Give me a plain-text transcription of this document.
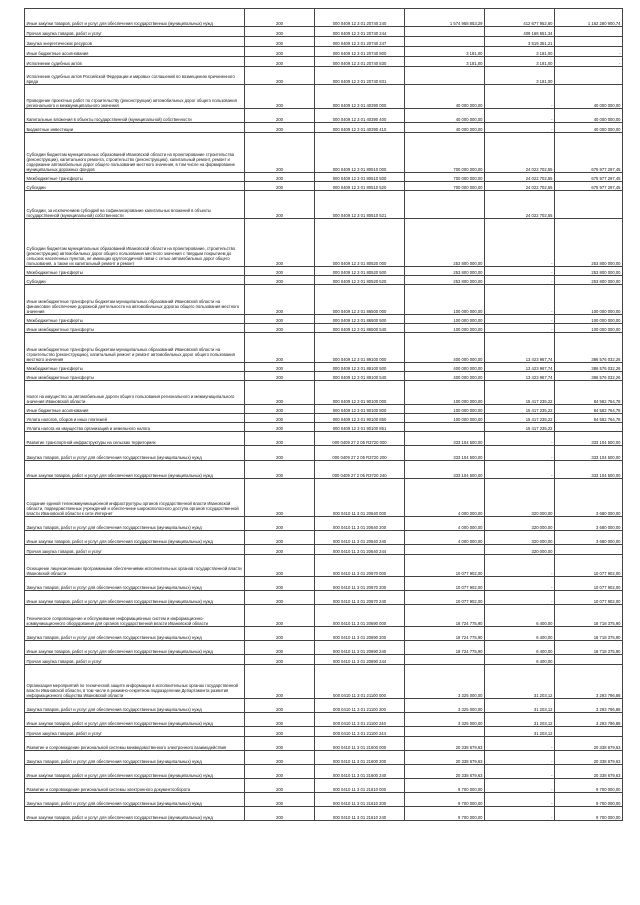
Иные закупки товаров, работ и услуг для обеспечения государственных (муниципальных) нужд	200	000 0409 12 3 01 20740 240	1 574 958 853,29	412 677 952,60	1 162 280 900,74
Прочая закупка товаров, работ и услуг	200	000 0409 12 3 01 20740 244		409 168 551,34	
Закупка энергетических ресурсов	200	000 0409 12 3 01 20740 247		3 519 351,21	
Иные бюджетные ассигнования	200	000 0409 12 3 01 20740 800	3 181,00	3 181,00	-
Исполнение судебных актов	200	000 0409 12 3 01 20740 830	3 181,00	3 181,00	-
Исполнение судебных актов Российской Федерации и мировых соглашений по возмещению причиненного вреда	200	000 0409 12 3 01 20740 831		3 181,00	
Проведение проектных работ по строительству (реконструкции) автомобильных дорог общего пользования регионального и межмуниципального значения	200	000 0409 12 3 01 40390 000	40 000 000,00	-	40 000 000,00
Капитальные вложения в объекты государственной (муниципальной) собственности	200	000 0409 12 3 01 40390 400	40 000 000,00	-	40 000 000,00
Бюджетные инвестиции	200	000 0409 12 3 01 40390 410	40 000 000,00	-	40 000 000,00
Субсидии бюджетам муниципальных образований Ивановской области на проектирование строительства (реконструкции), капитального ремонта, строительство (реконструкцию), капитальный ремонт, ремонт и содержание автомобильных дорог общего пользования местного значения, в том числе на формирование муниципальных дорожных фондов	200	000 0409 12 3 01 80510 000	700 000 000,00	24 022 702,55	675 977 297,45
Межбюджетные трансферты	200	000 0409 12 3 01 80510 500	700 000 000,00	24 022 702,55	675 977 297,45
Субсидии	200	000 0409 12 3 01 80510 520	700 000 000,00	24 022 702,55	675 977 297,45
Субсидии, за исключением субсидий на софинансирование капитальных вложений в объекты государственной (муниципальной) собственности	200	000 0409 12 3 01 80510 521		24 022 702,55	
Субсидии бюджетам муниципальных образований Ивановской области на проектирование, строительство (реконструкцию) автомобильных дорог общего пользования местного значения с твердым покрытием до сельских населенных пунктов, не имеющих круглогодичной связи с сетью автомобильных дорог общего пользования, а также их капитальный ремонт и ремонт	200	000 0409 12 3 01 80520 000	253 800 000,00	-	253 800 000,00
Межбюджетные трансферты	200	000 0409 12 3 01 80520 500	253 800 000,00	-	253 800 000,00
Субсидии	200	000 0409 12 3 01 80520 520	253 800 000,00	-	253 800 000,00
Иные межбюджетные трансферты бюджетам муниципальных образований Ивановской области на финансовое обеспечение дорожной деятельности на автомобильных дорогах общего пользования местного значения	200	000 0409 12 3 01 86500 000	100 000 000,00	-	100 000 000,00
Межбюджетные трансферты	200	000 0409 12 3 01 86500 500	100 000 000,00	-	100 000 000,00
Иные межбюджетные трансферты	200	000 0409 12 3 01 86500 540	100 000 000,00	-	100 000 000,00
Иные межбюджетные трансферты бюджетам муниципальных образований Ивановской области на строительство (реконструкцию), капитальный ремонт и ремонт автомобильных дорог общего пользования местного значения	200	000 0409 12 3 01 89100 000	400 000 000,00	13 423 967,74	386 576 032,26
Межбюджетные трансферты	200	000 0409 12 3 01 89100 500	400 000 000,00	13 423 967,74	386 576 032,26
Иные межбюджетные трансферты	200	000 0409 12 3 01 89100 540	400 000 000,00	13 423 967,74	386 576 032,26
Налог на имущество за автомобильные дороги общего пользования регионального и межмуниципального значения Ивановской области	200	000 0409 12 3 01 90100 000	100 000 000,00	15 417 235,22	84 582 764,78
Иные бюджетные ассигнования	200	000 0409 12 3 01 90100 800	100 000 000,00	15 417 235,22	84 582 764,78
Уплата налогов, сборов и иных платежей	200	000 0409 12 3 01 90100 850	100 000 000,00	15 417 235,22	84 582 764,78
Уплата налога на имущество организаций и земельного налога	200	000 0409 12 3 01 90100 851		15 417 235,22	
Развитие транспортной инфраструктуры на сельских территориях	200	000 0409 27 2 05 R3720 000	333 104 500,00	-	333 104 500,00
Закупка товаров, работ и услуг для обеспечения государственных (муниципальных) нужд	200	000 0409 27 2 05 R3720 200	333 104 500,00	-	333 104 500,00
Иные закупки товаров, работ и услуг для обеспечения государственных (муниципальных) нужд	200	000 0409 27 2 05 R3720 240	333 104 500,00	-	333 104 500,00
Создание единой телекоммуникационной инфраструктуры органов государственной власти Ивановской области, подведомственных учреждений и обеспечение широкополосного доступа органов государственной власти Ивановской области к сети Интернет	200	000 0410 11 3 01 20640 000	4 000 000,00	320 000,00	3 680 000,00
Закупка товаров, работ и услуг для обеспечения государственных (муниципальных) нужд	200	000 0410 11 3 01 20640 200	4 000 000,00	320 000,00	3 680 000,00
Иные закупки товаров, работ и услуг для обеспечения государственных (муниципальных) нужд	200	000 0410 11 3 01 20640 240	4 000 000,00	320 000,00	3 680 000,00
Прочая закупка товаров, работ и услуг	200	000 0410 11 3 01 20640 244		320 000,00	
Оснащение лицензионными программными обеспечениями исполнительных органов государственной власти Ивановской области	200	000 0410 11 3 01 20670 000	10 077 902,00	-	10 077 902,00
Закупка товаров, работ и услуг для обеспечения государственных (муниципальных) нужд	200	000 0410 11 3 01 20670 200	10 077 902,00	-	10 077 902,00
Иные закупки товаров, работ и услуг для обеспечения государственных (муниципальных) нужд	200	000 0410 11 3 01 20670 240	10 077 902,00	-	10 077 902,00
Техническое сопровождение и обслуживание информационных систем и информационно-коммуникационного оборудования для органов государственной власти Ивановской области	200	000 0410 11 3 01 20690 000	18 724 775,90	6 400,00	18 718 375,90
Закупка товаров, работ и услуг для обеспечения государственных (муниципальных) нужд	200	000 0410 11 3 01 20690 200	18 724 775,90	6 400,00	18 718 375,90
Иные закупки товаров, работ и услуг для обеспечения государственных (муниципальных) нужд	200	000 0410 11 3 01 20690 240	18 724 775,90	6 400,00	18 718 375,90
Прочая закупка товаров, работ и услуг	200	000 0410 11 3 01 20690 244		6 400,00	
Организация мероприятий по технической защите информации в исполнительных органах государственной власти Ивановской области, в том числе в режимно-секретном подразделении Департамента развития информационного общества Ивановской области	200	000 0410 11 3 01 21100 000	3 325 000,00	31 203,12	3 293 796,88
Закупка товаров, работ и услуг для обеспечения государственных (муниципальных) нужд	200	000 0410 11 3 01 21100 200	3 325 000,00	31 203,12	3 293 796,88
Иные закупки товаров, работ и услуг для обеспечения государственных (муниципальных) нужд	200	000 0410 11 3 01 21100 240	3 325 000,00	31 203,12	3 293 796,88
Прочая закупка товаров, работ и услуг	200	000 0410 11 3 01 21100 244		31 203,12	
Развитие и сопровождение региональной системы межведомственного электронного взаимодействия	200	000 0410 11 3 01 21600 000	20 338 679,63	-	20 338 679,63
Закупка товаров, работ и услуг для обеспечения государственных (муниципальных) нужд	200	000 0410 11 3 01 21600 200	20 338 679,63	-	20 338 679,63
Иные закупки товаров, работ и услуг для обеспечения государственных (муниципальных) нужд	200	000 0410 11 3 01 21600 240	20 338 679,63	-	20 338 679,63
Развитие и сопровождение региональной системы электронного документооборота	200	000 0410 11 3 01 21610 000	9 700 000,00	-	9 700 000,00
Закупка товаров, работ и услуг для обеспечения государственных (муниципальных) нужд	200	000 0410 11 3 01 21610 200	9 700 000,00	-	9 700 000,00
Иные закупки товаров, работ и услуг для обеспечения государственных (муниципальных) нужд	200	000 0410 11 3 01 21610 240	9 700 000,00	-	9 700 000,00
